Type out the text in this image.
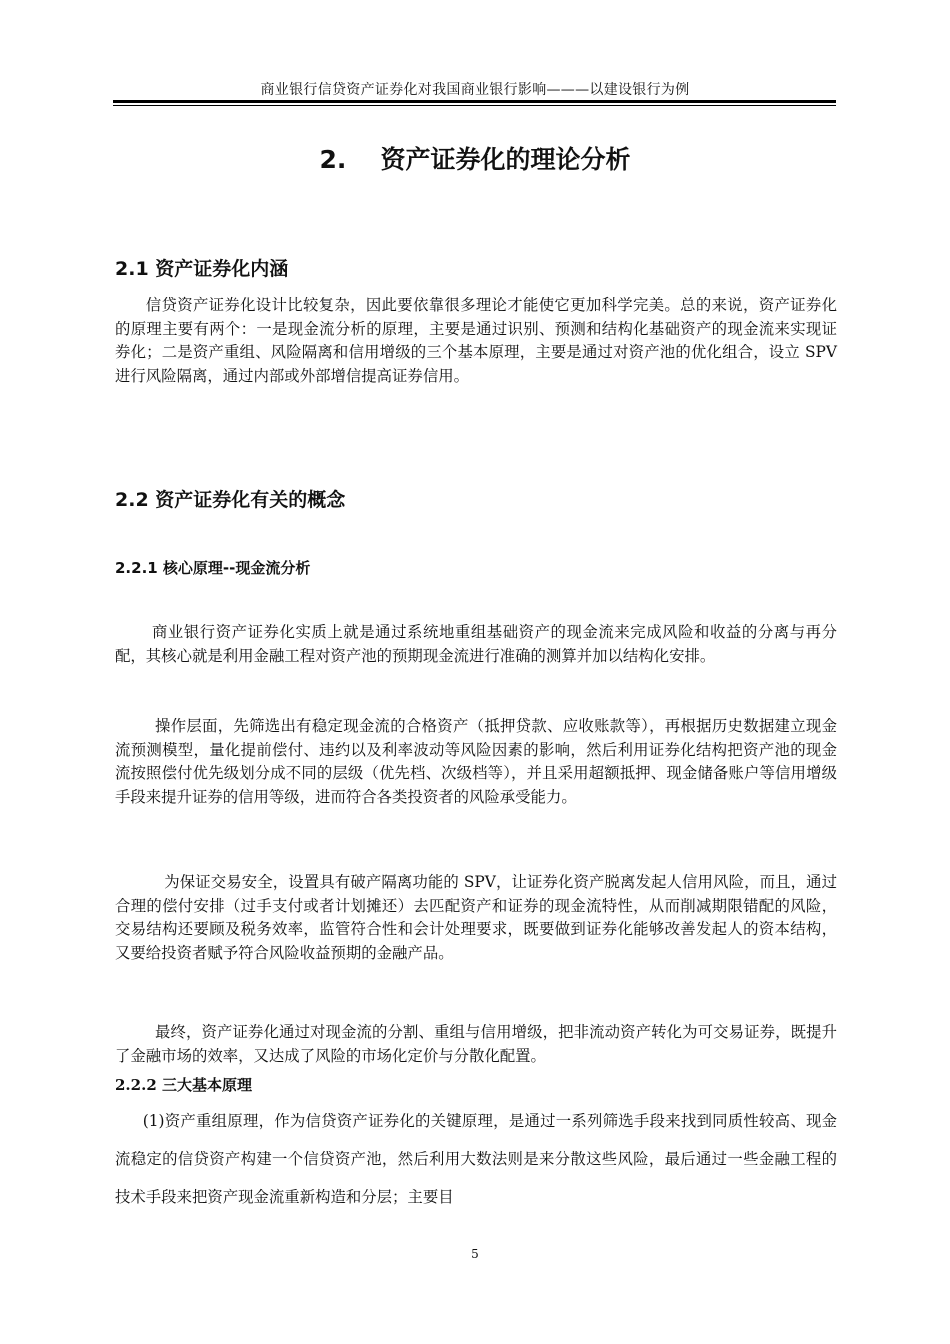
商业银行信贷资产证券化对我国商业银行影响———以建设银行为例
2. 资产证券化的理论分析
2.1 资产证券化内涵
信贷资产证券化设计比较复杂，因此要依靠很多理论才能使它更加科学完美。总的来说，资产证券化的原理主要有两个：一是现金流分析的原理，主要是通过识别、预测和结构化基础资产的现金流来实现证券化；二是资产重组、风险隔离和信用增级的三个基本原理，主要是通过对资产池的优化组合，设立 SPV 进行风险隔离，通过内部或外部增信提高证券信用。
2.2 资产证券化有关的概念
2.2.1 核心原理--现金流分析
商业银行资产证券化实质上就是通过系统地重组基础资产的现金流来完成风险和收益的分离与再分配，其核心就是利用金融工程对资产池的预期现金流进行准确的测算并加以结构化安排。
操作层面，先筛选出有稳定现金流的合格资产（抵押贷款、应收账款等），再根据历史数据建立现金流预测模型，量化提前偿付、违约以及利率波动等风险因素的影响，然后利用证券化结构把资产池的现金流按照偿付优先级划分成不同的层级（优先档、次级档等），并且采用超额抵押、现金储备账户等信用增级手段来提升证券的信用等级，进而符合各类投资者的风险承受能力。
为保证交易安全，设置具有破产隔离功能的 SPV，让证券化资产脱离发起人信用风险，而且，通过合理的偿付安排（过手支付或者计划摊还）去匹配资产和证券的现金流特性，从而削减期限错配的风险，交易结构还要顾及税务效率，监管符合性和会计处理要求，既要做到证券化能够改善发起人的资本结构，又要给投资者赋予符合风险收益预期的金融产品。
最终，资产证券化通过对现金流的分割、重组与信用增级，把非流动资产转化为可交易证券，既提升了金融市场的效率，又达成了风险的市场化定价与分散化配置。
2.2.2 三大基本原理
(1)资产重组原理，作为信贷资产证券化的关键原理，是通过一系列筛选手段来找到同质性较高、现金流稳定的信贷资产构建一个信贷资产池，然后利用大数法则是来分散这些风险，最后通过一些金融工程的技术手段来把资产现金流重新构造和分层；主要目
5
